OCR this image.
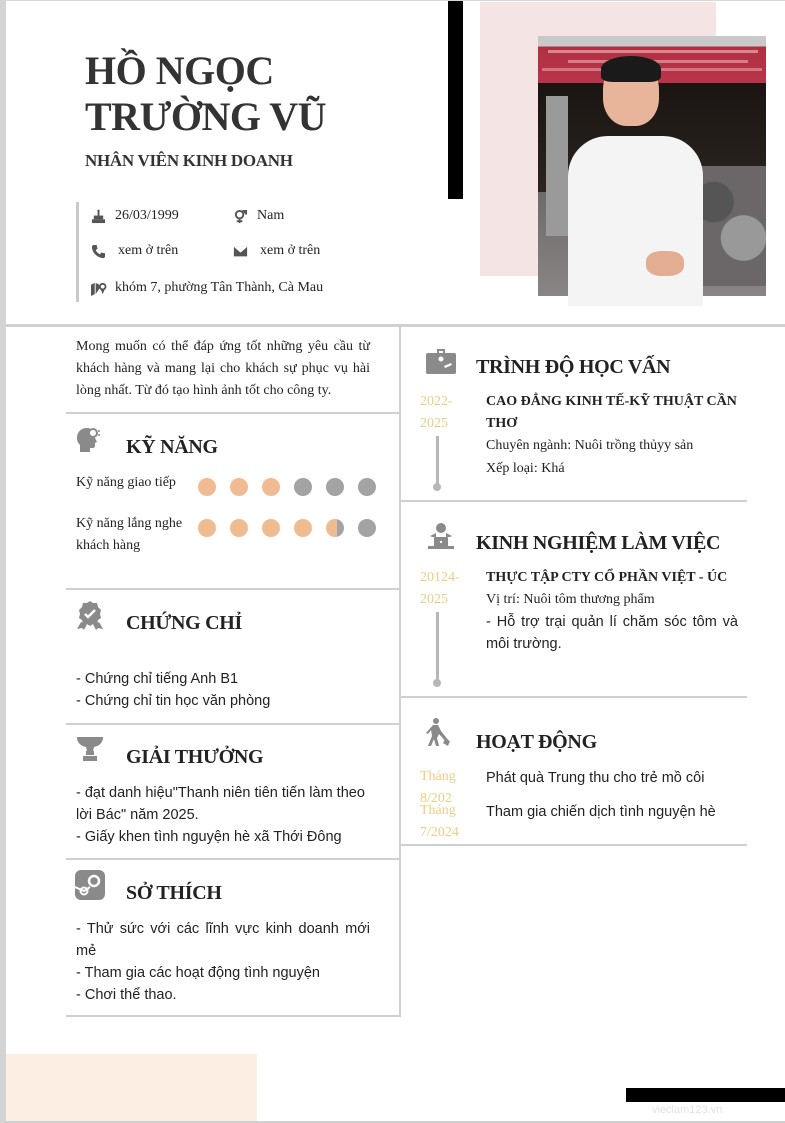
HỒ NGỌC
TRƯỜNG VŨ
NHÂN VIÊN KINH DOANH
26/03/1999	Nam
xem ở trên	xem ở trên
khóm 7, phường Tân Thành, Cà Mau
Mong muốn có thể đáp ứng tốt những yêu cầu từ khách hàng và mang lại cho khách sự phục vụ hài lòng nhất. Từ đó tạo hình ảnh tốt cho công ty.
KỸ NĂNG
Kỹ năng giao tiếp
Kỹ năng lắng nghe khách hàng
CHỨNG CHỈ
- Chứng chỉ tiếng Anh B1
- Chứng chỉ tin học văn phòng
GIẢI THƯỞNG
- đạt danh hiệu"Thanh niên tiên tiến làm theo lời Bác" năm 2025.
- Giấy khen tình nguyện hè xã Thới Đông
SỞ THÍCH
- Thử sức với các lĩnh vực kinh doanh mới mẻ
- Tham gia các hoạt động tình nguyện
- Chơi thể thao.
TRÌNH ĐỘ HỌC VẤN
2022-
2025
CAO ĐẲNG KINH TẾ-KỸ THUẬT CẦN THƠ
Chuyên ngành: Nuôi trồng thủyy sản
Xếp loại: Khá
KINH NGHIỆM LÀM VIỆC
20124-
2025
THỰC TẬP CTY CỔ PHẦN VIỆT - ÚC
Vị trí: Nuôi tôm thương phẩm
- Hỗ trợ trại quản lí chăm sóc tôm và môi trường.
HOẠT ĐỘNG
Tháng
8/202
Phát quà Trung thu cho trẻ mồ côi
Tháng
7/2024
Tham gia chiến dịch tình nguyện hè
vieclam123.vn
